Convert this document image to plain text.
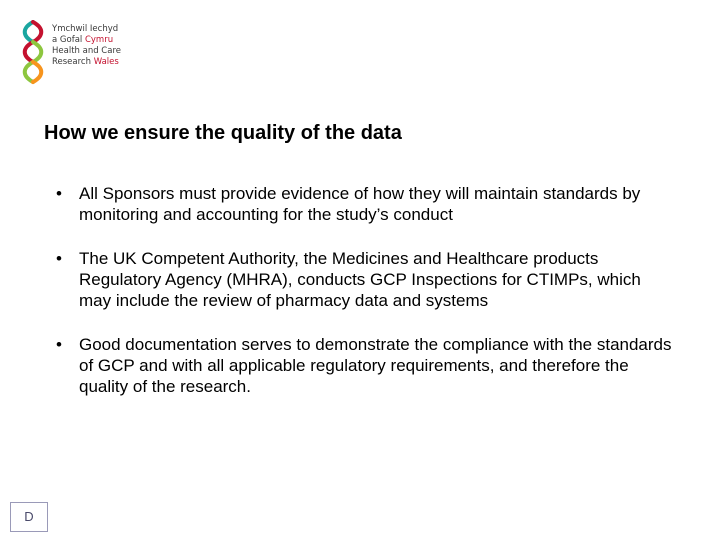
Ymchwil Iechyd
a Gofal Cymru
Health and Care
Research Wales
How we ensure the quality of the data
• All Sponsors must provide evidence of how they will maintain standards by monitoring and accounting for the study’s conduct
• The UK Competent Authority, the Medicines and Healthcare products Regulatory Agency (MHRA), conducts GCP Inspections for CTIMPs, which may include the review of pharmacy data and systems
• Good documentation serves to demonstrate the compliance with the standards of GCP and with all applicable regulatory requirements, and therefore the quality of the research.
D
